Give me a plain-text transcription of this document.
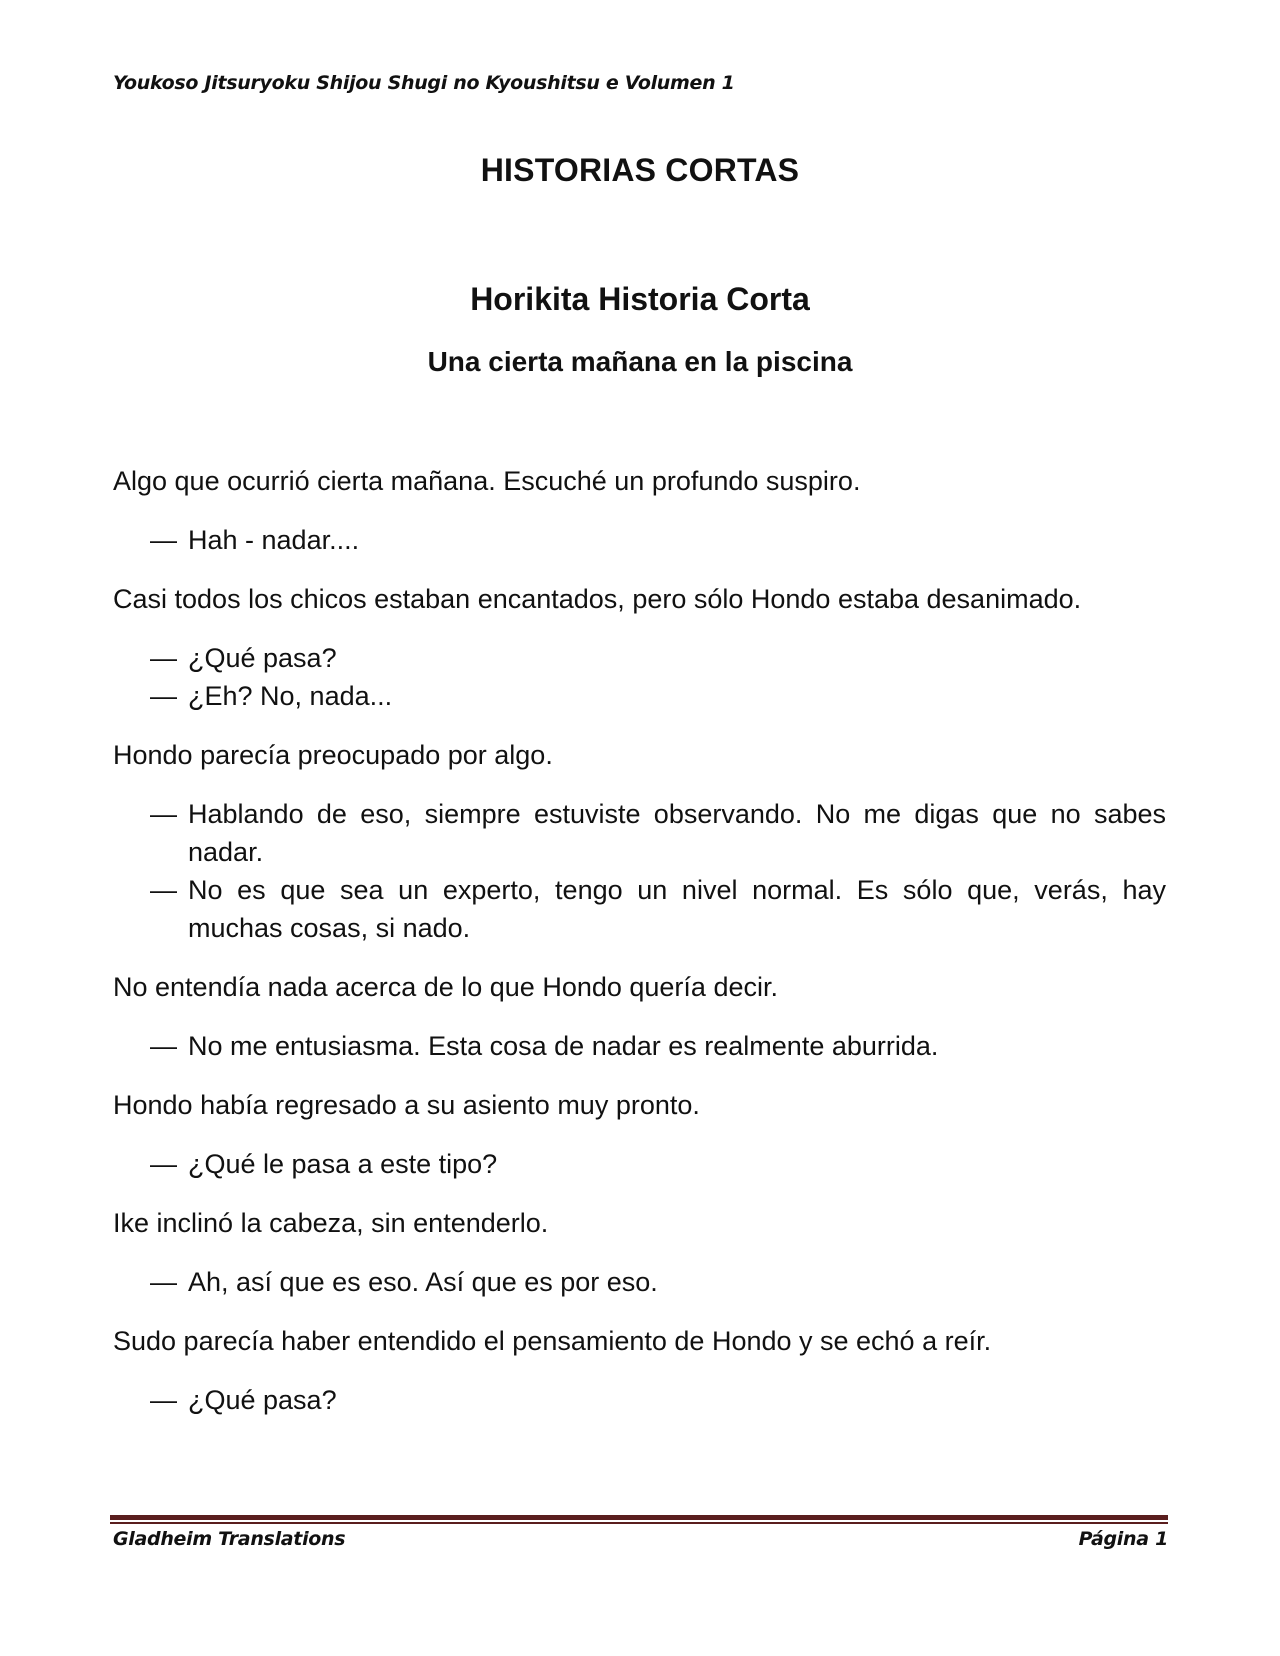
Youkoso Jitsuryoku Shijou Shugi no Kyoushitsu e Volumen 1
HISTORIAS CORTAS
Horikita Historia Corta
Una cierta mañana en la piscina

Algo que ocurrió cierta mañana. Escuché un profundo suspiro.

— Hah - nadar....

Casi todos los chicos estaban encantados, pero sólo Hondo estaba desanimado.

— ¿Qué pasa?
— ¿Eh? No, nada...

Hondo parecía preocupado por algo.

— Hablando de eso, siempre estuviste observando. No me digas que no sabes nadar.
— No es que sea un experto, tengo un nivel normal. Es sólo que, verás, hay muchas cosas, si nado.

No entendía nada acerca de lo que Hondo quería decir.

— No me entusiasma. Esta cosa de nadar es realmente aburrida.

Hondo había regresado a su asiento muy pronto.

— ¿Qué le pasa a este tipo?

Ike inclinó la cabeza, sin entenderlo.

— Ah, así que es eso. Así que es por eso.

Sudo parecía haber entendido el pensamiento de Hondo y se echó a reír.

— ¿Qué pasa?
Gladheim Translations	Página 1
